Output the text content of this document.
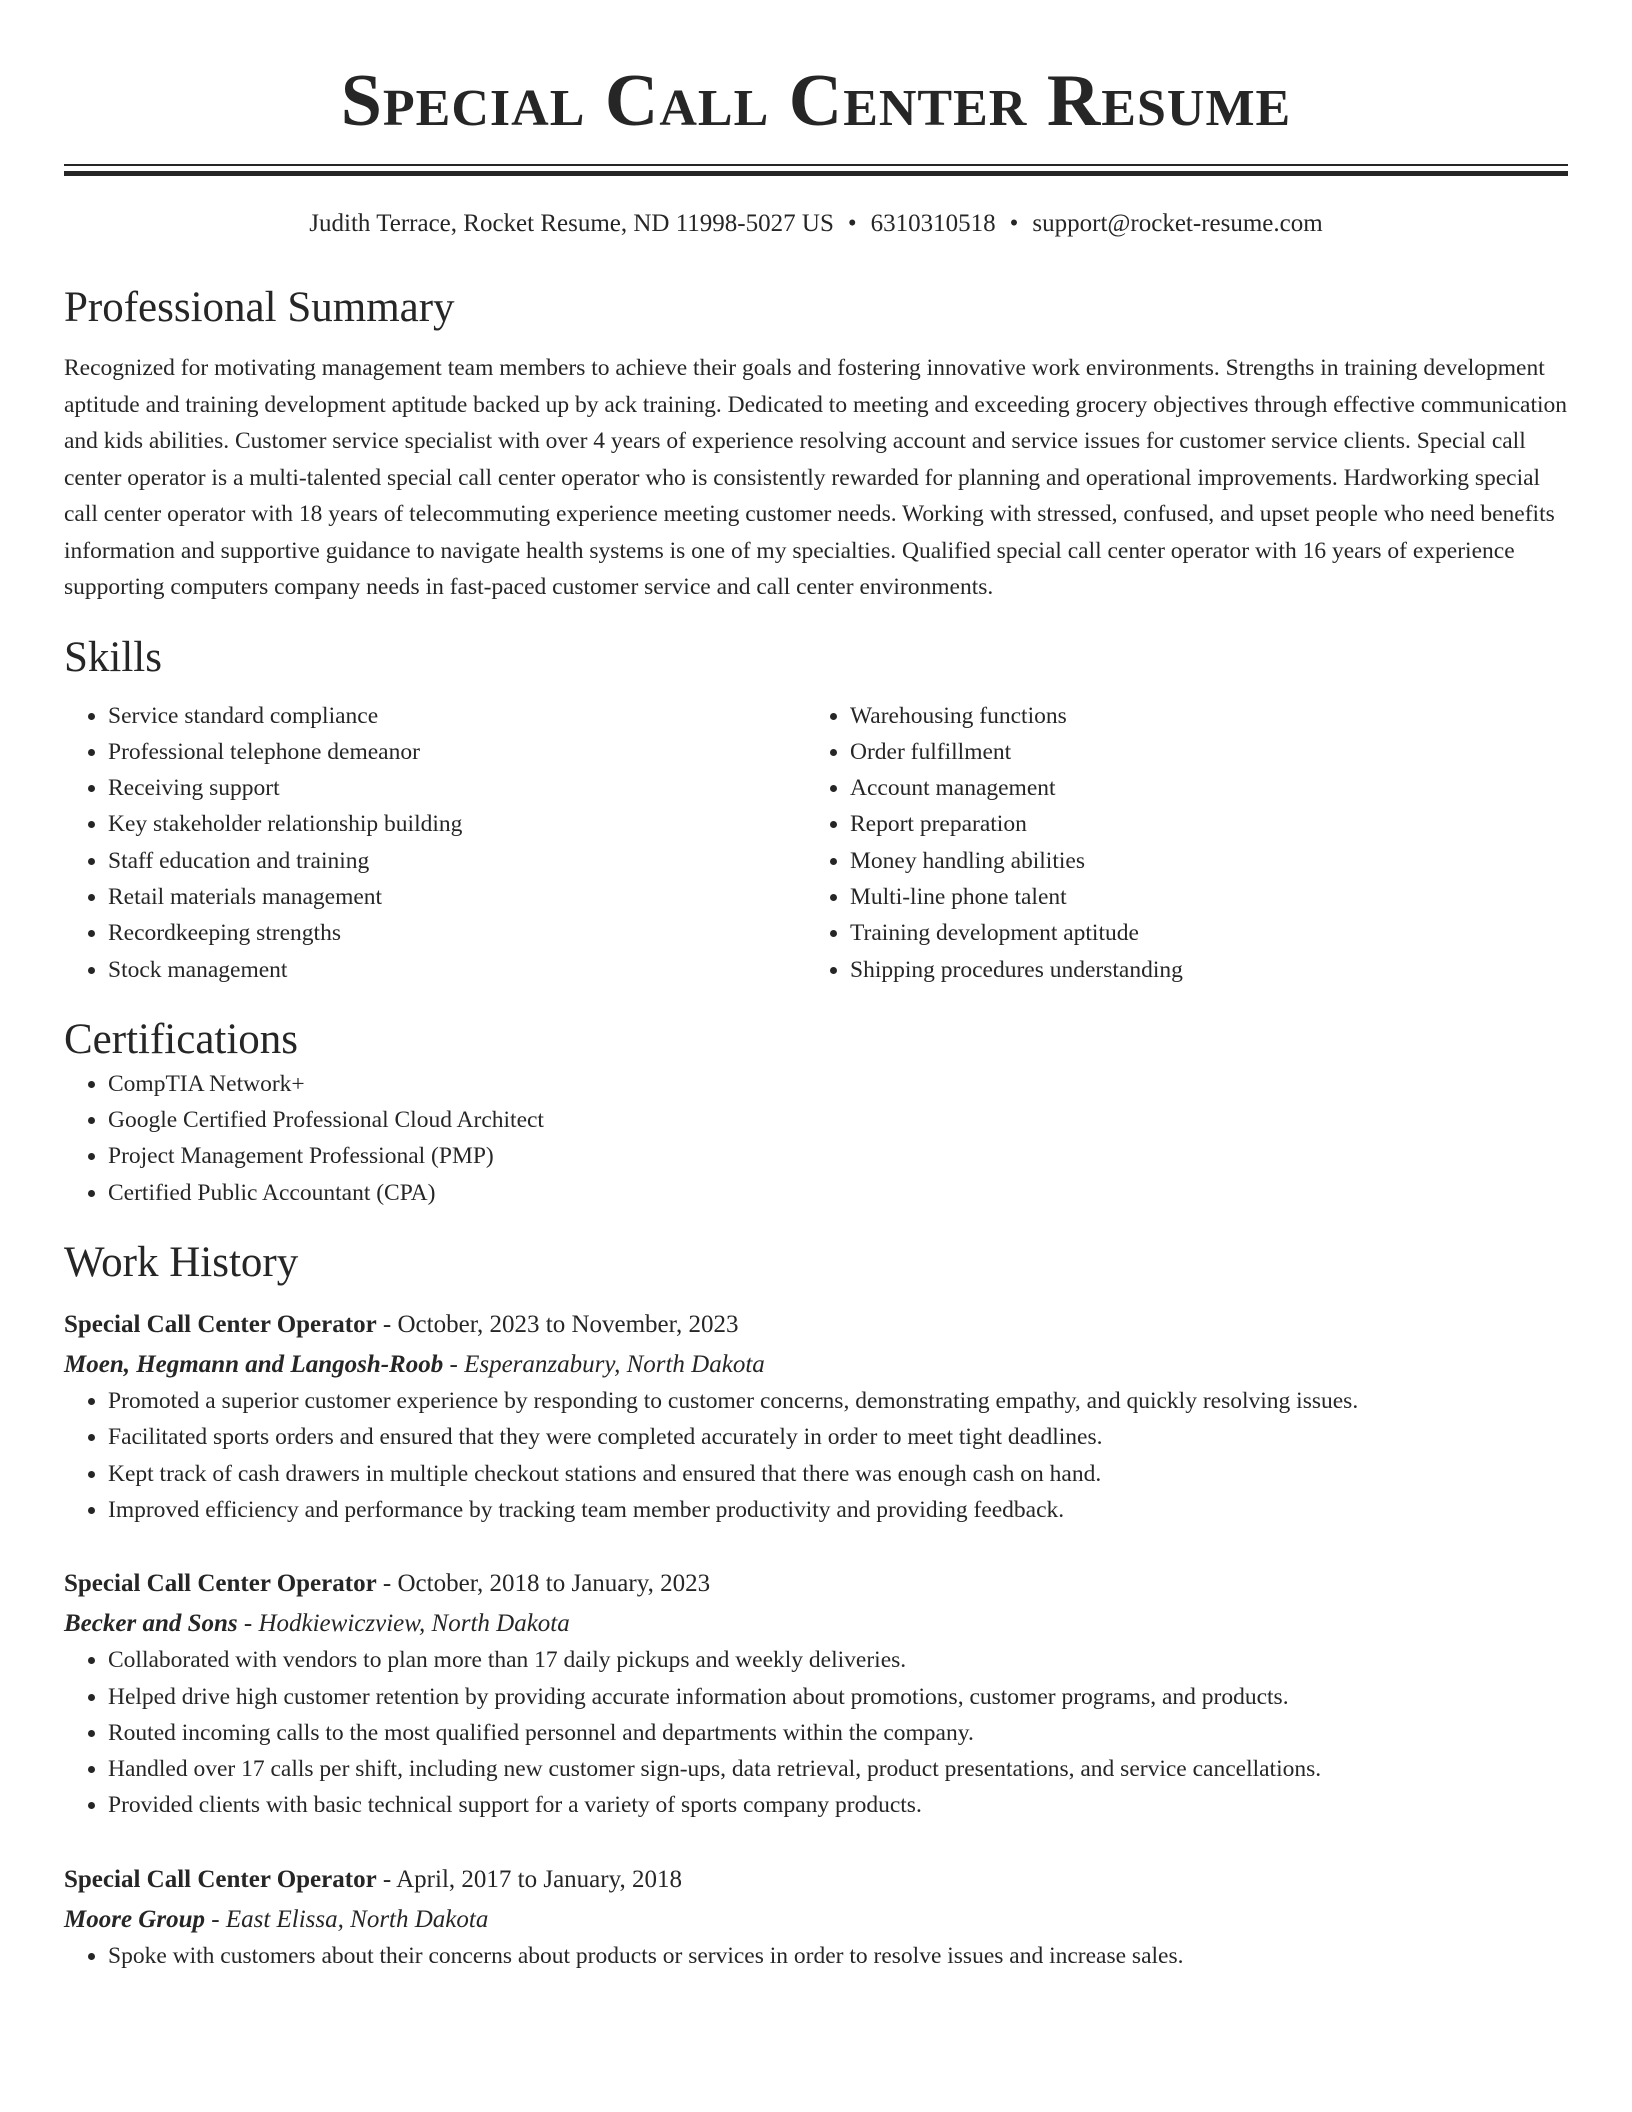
Special Call Center Resume
Judith Terrace, Rocket Resume, ND 11998-5027 US • 6310310518 • support@rocket-resume.com
Professional Summary

Recognized for motivating management team members to achieve their goals and fostering innovative work environments. Strengths in training development aptitude and training development aptitude backed up by ack training. Dedicated to meeting and exceeding grocery objectives through effective communication and kids abilities. Customer service specialist with over 4 years of experience resolving account and service issues for customer service clients. Special call center operator is a multi-talented special call center operator who is consistently rewarded for planning and operational improvements. Hardworking special call center operator with 18 years of telecommuting experience meeting customer needs. Working with stressed, confused, and upset people who need benefits information and supportive guidance to navigate health systems is one of my specialties. Qualified special call center operator with 16 years of experience supporting computers company needs in fast-paced customer service and call center environments.

Skills
• Service standard compliance
• Professional telephone demeanor
• Receiving support
• Key stakeholder relationship building
• Staff education and training
• Retail materials management
• Recordkeeping strengths
• Stock management
• Warehousing functions
• Order fulfillment
• Account management
• Report preparation
• Money handling abilities
• Multi-line phone talent
• Training development aptitude
• Shipping procedures understanding
Certifications
• CompTIA Network+
• Google Certified Professional Cloud Architect
• Project Management Professional (PMP)
• Certified Public Accountant (CPA)
Work History
Special Call Center Operator - October, 2023 to November, 2023
Moen, Hegmann and Langosh-Roob - Esperanzabury, North Dakota
• Promoted a superior customer experience by responding to customer concerns, demonstrating empathy, and quickly resolving issues.
• Facilitated sports orders and ensured that they were completed accurately in order to meet tight deadlines.
• Kept track of cash drawers in multiple checkout stations and ensured that there was enough cash on hand.
• Improved efficiency and performance by tracking team member productivity and providing feedback.
Special Call Center Operator - October, 2018 to January, 2023
Becker and Sons - Hodkiewiczview, North Dakota
• Collaborated with vendors to plan more than 17 daily pickups and weekly deliveries.
• Helped drive high customer retention by providing accurate information about promotions, customer programs, and products.
• Routed incoming calls to the most qualified personnel and departments within the company.
• Handled over 17 calls per shift, including new customer sign-ups, data retrieval, product presentations, and service cancellations.
• Provided clients with basic technical support for a variety of sports company products.
Special Call Center Operator - April, 2017 to January, 2018
Moore Group - East Elissa, North Dakota
• Spoke with customers about their concerns about products or services in order to resolve issues and increase sales.
